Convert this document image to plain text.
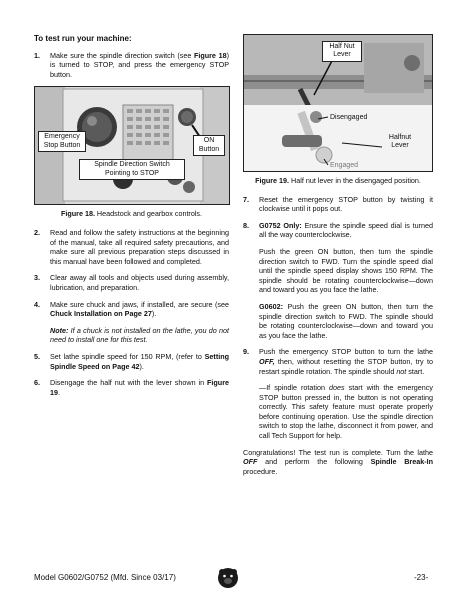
To test run your machine:
1.	Make sure the spindle direction switch (see Figure 18) is turned to STOP, and press the emergency STOP button.
Emergency Stop Button
ON Button
Spindle Direction Switch Pointing to STOP
Figure 18. Headstock and gearbox controls.
2.	Read and follow the safety instructions at the beginning of the manual, take all required safety precautions, and make sure all previous preparation steps discussed in this manual have been followed and completed.
3.	Clear away all tools and objects used during assembly, lubrication, and preparation.
4.	Make sure chuck and jaws, if installed, are secure (see Chuck Installation on Page 27).
Note: If a chuck is not installed on the lathe, you do not need to install one for this test.
5.	Set lathe spindle speed for 150 RPM, (refer to Setting Spindle Speed on Page 42).
6.	Disengage the half nut with the lever shown in Figure 19.
Half Nut Lever
Disengaged
Halfnut Lever
Engaged
Figure 19. Half nut lever in the disengaged position.
7.	Reset the emergency STOP button by twisting it clockwise until it pops out.
8.	G0752 Only: Ensure the spindle speed dial is turned all the way counterclockwise.
Push the green ON button, then turn the spindle direction switch to FWD. Turn the spindle speed dial until the spindle speed display shows 150 RPM. The spindle should be rotating counterclockwise—down and toward you as you face the lathe.
G0602: Push the green ON button, then turn the spindle direction switch to FWD. The spindle should be rotating counterclockwise—down and toward you as you face the lathe.
9.	Push the emergency STOP button to turn the lathe OFF, then, without resetting the STOP button, try to restart spindle rotation. The spindle should not start.
—If spindle rotation does start with the emergency STOP button pressed in, the button is not operating correctly. This safety feature must operate properly before continuing operation. Use the spindle direction switch to stop the lathe, disconnect it from power, and call Tech Support for help.
Congratulations! The test run is complete. Turn the lathe OFF and perform the following Spindle Break-In procedure.
Model G0602/G0752 (Mfd. Since 03/17)	-23-
